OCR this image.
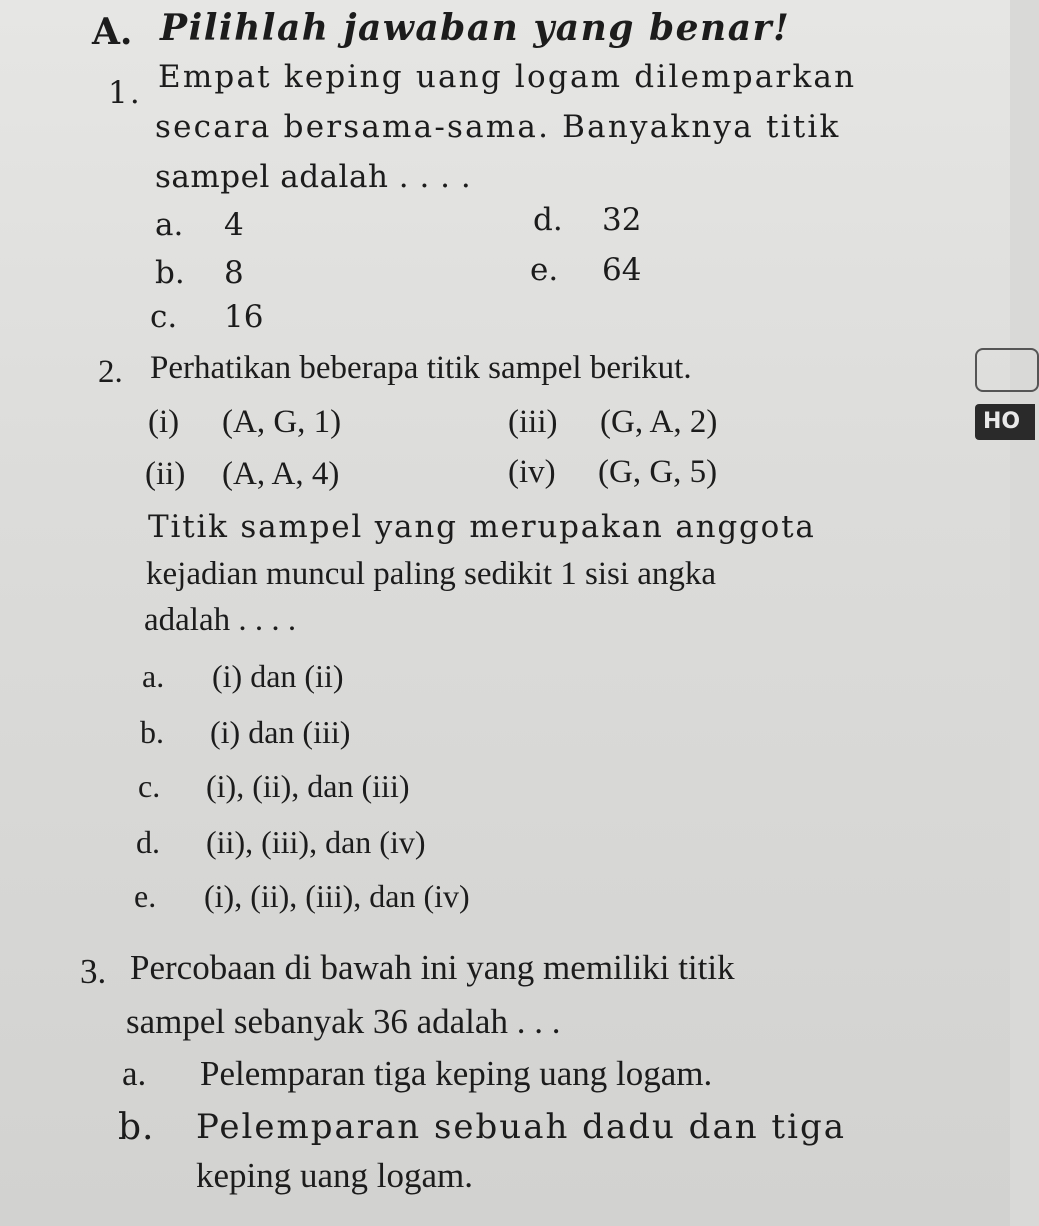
A. Pilihlah jawaban yang benar!
1. Empat keping uang logam dilemparkan
secara bersama-sama. Banyaknya titik
sampel adalah . . . .
a. 4
b. 8
c. 16
d. 32
e. 64
2. Perhatikan beberapa titik sampel berikut.
(i) (A, G, 1)
(ii) (A, A, 4)
(iii) (G, A, 2)
(iv) (G, G, 5)
Titik sampel yang merupakan anggota
kejadian muncul paling sedikit 1 sisi angka
adalah . . . .
a. (i) dan (ii)
b. (i) dan (iii)
c. (i), (ii), dan (iii)
d. (ii), (iii), dan (iv)
e. (i), (ii), (iii), dan (iv)
3. Percobaan di bawah ini yang memiliki titik
sampel sebanyak 36 adalah . . .
a. Pelemparan tiga keping uang logam.
b. Pelemparan sebuah dadu dan tiga
keping uang logam.
HO
